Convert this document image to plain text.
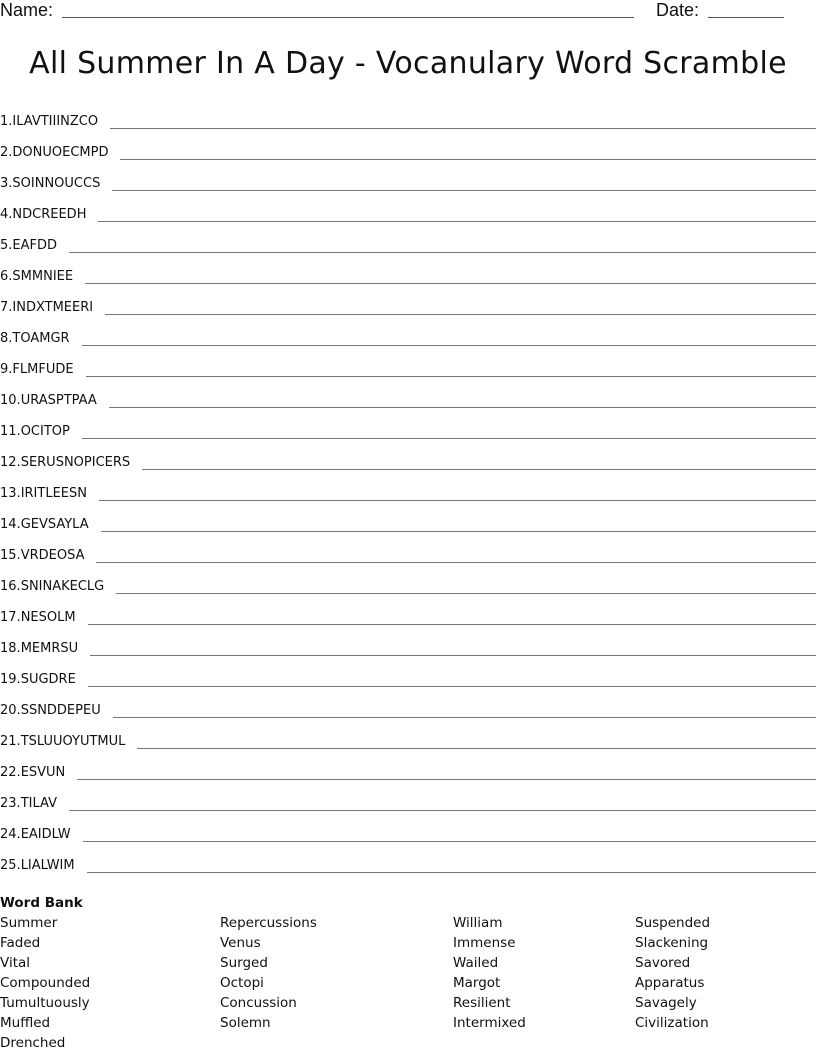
Name:	Date:
All Summer In A Day - Vocanulary Word Scramble
1. ILAVTIIINZCO
2. DONUOECMPD
3. SOINNOUCCS
4. NDCREEDH
5. EAFDD
6. SMMNIEE
7. INDXTMEERI
8. TOAMGR
9. FLMFUDE
10. URASPTPAA
11. OCITOP
12. SERUSNOPICERS
13. IRITLEESN
14. GEVSAYLA
15. VRDEOSA
16. SNINAKECLG
17. NESOLM
18. MEMRSU
19. SUGDRE
20. SSNDDEPEU
21. TSLUUOYUTMUL
22. ESVUN
23. TILAV
24. EAIDLW
25. LIALWIM
Word Bank
Summer
Faded
Vital
Compounded
Tumultuously
Muffled
Drenched
Repercussions
Venus
Surged
Octopi
Concussion
Solemn
William
Immense
Wailed
Margot
Resilient
Intermixed
Suspended
Slackening
Savored
Apparatus
Savagely
Civilization
